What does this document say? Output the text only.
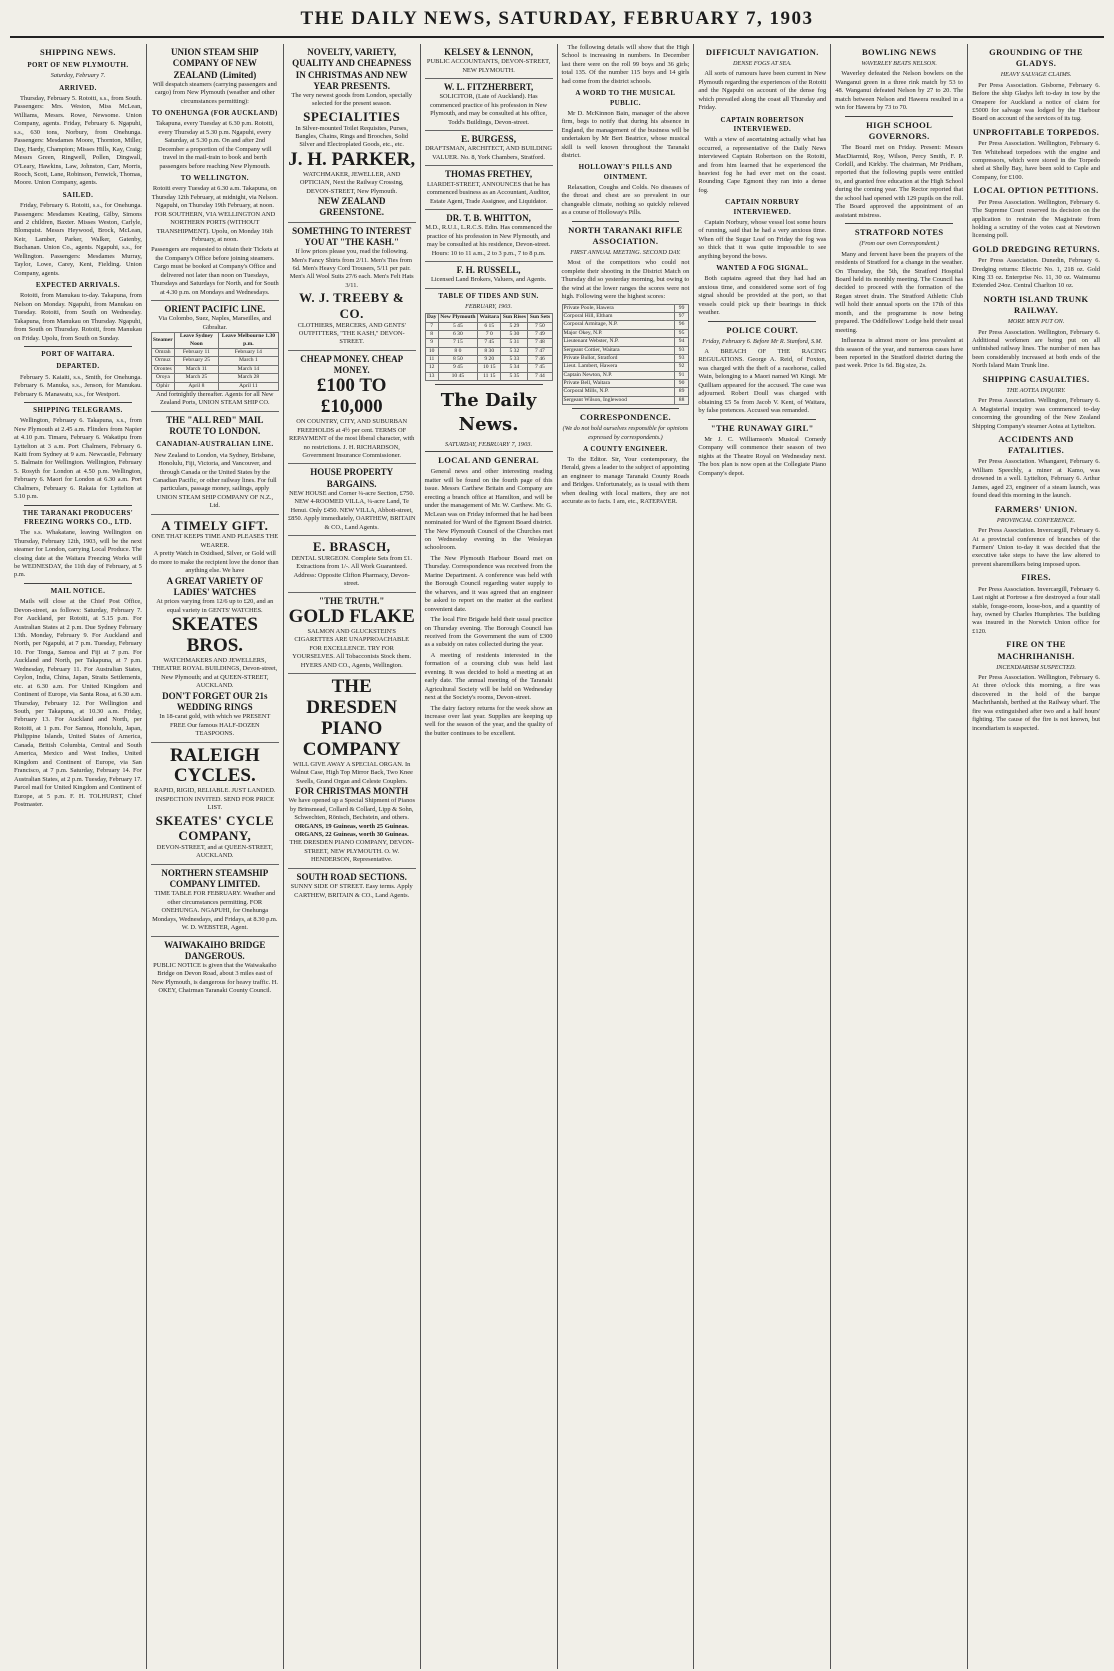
THE DAILY NEWS, SATURDAY, FEBRUARY 7, 1903
SHIPPING NEWS.
PORT OF NEW PLYMOUTH.
Saturday, February 7.
ARRIVED.

Thursday, February 5. Rotoiti, s.s., from South. Passengers: Mrs. Weston, Miss McLean, Williams, Messrs. Rowe, Newsome. Union Company, agents. Friday, February 6. Ngapuhi, s.s., 630 tons, Norbury, from Onehunga. Passengers: Mesdames Moore, Thornton, Miller, Day, Hardy, Champion; Misses Hills, Kay, Craig; Messrs Green, Ringwell, Pollen, Dingwall, O'Leary, Hawkins, Law, Johnston, Carr, Morris, Rooch, Scott, Lane, Robinson, Fenwick, Thomas, Moore. Union Company, agents.

SAILED.

Friday, February 6. Rotoiti, s.s., for Onehunga. Passengers: Mesdames Keating, Gilby, Simons and 2 children, Baxter. Misses Weston, Carlyle, Blomquist. Messrs Heywood, Brock, McLean, Keir, Lamber, Parker, Walker, Gatenby, Buchanan. Union Co., agents. Ngapuhi, s.s., for Wellington. Passengers: Mesdames Murray, Taylor, Lowe, Carey, Kent, Fielding. Union Company, agents.

EXPECTED ARRIVALS.

Rotoiti, from Manukau to-day. Takapuna, from Nelson on Monday. Ngapuhi, from Manukau on Tuesday. Rotoiti, from South on Wednesday. Takapuna, from Manukau on Thursday. Ngapuhi, from South on Thursday. Rotoiti, from Manukau on Friday. Upolu, from South on Sunday.

PORT OF WAITARA.
DEPARTED.

February 5. Kaiaiti, s.s., Smith, for Onehunga. February 6. Manuka, s.s., Jenson, for Manukau. February 6. Manawatu, s.s., for Westport.

SHIPPING TELEGRAMS.

Wellington, February 6. Takapuna, s.s., from New Plymouth at 2.45 a.m. Flinders from Napier at 4.10 p.m. Timaru, February 6. Wakatipu from Lyttelton at 3 a.m. Port Chalmers, February 6. Kaiti from Sydney at 9 a.m. Newcastle, February 5. Balmain for Wellington. Wellington, February 5. Rosyth for London at 4.50 p.m. Wellington, February 6. Maori for London at 6.30 a.m. Port Chalmers, February 6. Rakaia for Lyttelton at 5.10 p.m.

THE TARANAKI PRODUCERS' FREEZING WORKS CO., LTD.

The s.s. Whakatane, leaving Wellington on Thursday, February 12th, 1903, will be the next steamer for London, carrying Local Produce. The closing date at the Waitara Freezing Works will be WEDNESDAY, the 11th day of February, at 5 p.m.

MAIL NOTICE.

Mails will close at the Chief Post Office, Devon-street, as follows: Saturday, February 7. For Auckland, per Rotoiti, at 5.15 p.m. For Australian States at 2 p.m. Due Sydney February 13th. Monday, February 9. For Auckland and North, per Ngapuhi, at 7 p.m. Tuesday, February 10. For Tonga, Samoa and Fiji at 7 p.m. For Auckland and North, per Takapuna, at 7 p.m. Wednesday, February 11. For Australian States, Ceylon, India, China, Japan, Straits Settlements, etc. at 6.30 a.m. For United Kingdom and Continent of Europe, via Santa Rosa, at 6.30 a.m. Thursday, February 12. For Wellington and South, per Takapuna, at 10.30 a.m. Friday, February 13. For Auckland and North, per Rotoiti, at 1 p.m. For Samoa, Honolulu, Japan, Philippine Islands, United States of America, Canada, British Columbia, Central and South America, Mexico and West Indies, United Kingdom and Continent of Europe, via San Francisco, at 7 p.m. Saturday, February 14. For Australian States, at 2 p.m. Tuesday, February 17. Parcel mail for United Kingdom and Continent of Europe, at 5 p.m. F. H. TOLHURST, Chief Postmaster.

UNION STEAM SHIP COMPANY OF NEW ZEALAND (Limited)
Will despatch steamers (carrying passengers and cargo) from New Plymouth (weather and other circumstances permitting):
TO ONEHUNGA (FOR AUCKLAND)
Takapuna, every Tuesday at 6.30 p.m. Rotoiti, every Thursday at 5.30 p.m. Ngapuhi, every Saturday, at 5.30 p.m. On and after 2nd December a proportion of the Company will travel in the mail-train to book and berth passengers before reaching New Plymouth.
TO WELLINGTON.
Rotoiti every Tuesday at 6.30 a.m. Takapuna, on Thursday 12th February, at midnight, via Nelson. Ngapuhi, on Thursday 19th February, at noon. FOR SOUTHERN, VIA WELLINGTON AND NORTHERN PORTS (WITHOUT TRANSHIPMENT). Upolu, on Monday 16th February, at noon.
Passengers are requested to obtain their Tickets at the Company's Office before joining steamers. Cargo must be booked at Company's Office and delivered not later than noon on Tuesdays, Thursdays and Saturdays for North, and for South at 4.30 p.m. on Mondays and Wednesdays.
ORIENT PACIFIC LINE.
Via Colombo, Suez, Naples, Marseilles, and Gibraltar.
Steamer	Leave Sydney Noon	Leave Melbourne 1.30 p.m.
Omrah	February 11	February 14
Ormuz	February 25	March 1
Orontes	March 11	March 14
Oroya	March 25	March 28
Ophir	April 8	April 11
And fortnightly thereafter. Agents for all New Zealand Ports, UNION STEAM SHIP CO.
THE "ALL RED" MAIL ROUTE TO LONDON.
CANADIAN-AUSTRALIAN LINE.
New Zealand to London, via Sydney, Brisbane, Honolulu, Fiji, Victoria, and Vancouver, and through Canada or the United States by the Canadian Pacific, or other railway lines. For full particulars, passage money, sailings, apply UNION STEAM SHIP COMPANY OF N.Z., Ltd.
A TIMELY GIFT.
ONE THAT KEEPS TIME AND PLEASES THE WEARER.
A pretty Watch in Oxidised, Silver, or Gold will do more to make the recipient love the donor than anything else. We have
A GREAT VARIETY OF LADIES' WATCHES
At prices varying from 12/6 up to £20, and an equal variety in GENTS' WATCHES.
SKEATES BROS.
WATCHMAKERS AND JEWELLERS, THEATRE ROYAL BUILDINGS, Devon-street, New Plymouth; and at QUEEN-STREET, AUCKLAND.
DON'T FORGET OUR 21s WEDDING RINGS
In 18-carat gold, with which we PRESENT FREE Our famous HALF-DOZEN TEASPOONS.
RALEIGH CYCLES.
RAPID, RIGID, RELIABLE. JUST LANDED. INSPECTION INVITED. SEND FOR PRICE LIST.
SKEATES' CYCLE COMPANY,
DEVON-STREET, and at QUEEN-STREET, AUCKLAND.
NORTHERN STEAMSHIP COMPANY LIMITED.
TIME TABLE FOR FEBRUARY. Weather and other circumstances permitting. FOR ONEHUNGA. NGAPUHI, for Onehunga Mondays, Wednesdays, and Fridays, at 8.30 p.m. W. D. WEBSTER, Agent.
WAIWAKAIHO BRIDGE DANGEROUS.
PUBLIC NOTICE is given that the Waiwakaiho Bridge on Devon Road, about 3 miles east of New Plymouth, is dangerous for heavy traffic. H. OKEY, Chairman Taranaki County Council.
NOVELTY, VARIETY, QUALITY AND CHEAPNESS IN CHRISTMAS AND NEW YEAR PRESENTS.
The very newest goods from London, specially selected for the present season.
SPECIALITIES
In Silver-mounted Toilet Requisites, Purses, Bangles, Chains, Rings and Brooches, Solid Silver and Electroplated Goods, etc., etc.
J. H. PARKER,
WATCHMAKER, JEWELLER, AND OPTICIAN, Next the Railway Crossing, DEVON-STREET, New Plymouth.
NEW ZEALAND GREENSTONE.
SOMETHING TO INTEREST YOU AT "THE KASH."
If low prices please you, read the following. Men's Fancy Shirts from 2/11. Men's Ties from 6d. Men's Heavy Cord Trousers, 5/11 per pair. Men's All Wool Suits 27/6 each. Men's Felt Hats 3/11.
W. J. TREEBY & CO.
CLOTHIERS, MERCERS, AND GENTS' OUTFITTERS, "THE KASH," DEVON-STREET.
CHEAP MONEY. CHEAP MONEY.
£100 TO £10,000
ON COUNTRY, CITY, AND SUBURBAN FREEHOLDS at 4½ per cent. TERMS OF REPAYMENT of the most liberal character, with no restrictions. J. H. RICHARDSON, Government Insurance Commissioner.
HOUSE PROPERTY BARGAINS.
NEW HOUSE and Corner ¼-acre Section, £750. NEW 4-ROOMED VILLA, ¼-acre Land, Te Henui. Only £450. NEW VILLA, Abbott-street, £850. Apply immediately, OARTHEW, BRITAIN & CO., Land Agents.
E. BRASCH,
DENTAL SURGEON. Complete Sets from £1. Extractions from 1/-. All Work Guaranteed. Address: Opposite Clifton Pharmacy, Devon-street.
"THE TRUTH."
GOLD FLAKE
SALMON AND GLUCKSTEIN'S CIGARETTES ARE UNAPPROACHABLE FOR EXCELLENCE. TRY FOR YOURSELVES. All Tobacconists Stock them. HYERS AND CO., Agents, Wellington.
THE DRESDEN PIANO COMPANY
WILL GIVE AWAY A SPECIAL ORGAN. In Walnut Case, High Top Mirror Back, Two Knee Swells, Grand Organ and Celeste Couplers.
FOR CHRISTMAS MONTH
We have opened up a Special Shipment of Pianos by Brinsmead, Collard & Collard, Lipp & Sohn, Schwechten, Rönisch, Bechstein, and others.
ORGANS, 19 Guineas, worth 25 Guineas. ORGANS, 22 Guineas, worth 30 Guineas.
THE DRESDEN PIANO COMPANY, DEVON-STREET, NEW PLYMOUTH. O. W. HENDERSON, Representative.
SOUTH ROAD SECTIONS.
SUNNY SIDE OF STREET. Easy terms. Apply CARTHEW, BRITAIN & CO., Land Agents.
KELSEY & LENNON,
PUBLIC ACCOUNTANTS, DEVON-STREET, NEW PLYMOUTH.
W. L. FITZHERBERT,
SOLICITOR, (Late of Auckland). Has commenced practice of his profession in New Plymouth, and may be consulted at his office, Todd's Buildings, Devon-street.
E. BURGESS,
DRAFTSMAN, ARCHITECT, AND BUILDING VALUER. No. 8, York Chambers, Stratford.
THOMAS FRETHEY,
LIARDET-STREET, ANNOUNCES that he has commenced business as an Accountant, Auditor, Estate Agent, Trade Assignee, and Liquidator.
DR. T. B. WHITTON,
M.D., R.U.I., L.R.C.S. Edin. Has commenced the practice of his profession in New Plymouth, and may be consulted at his residence, Devon-street. Hours: 10 to 11 a.m., 2 to 3 p.m., 7 to 8 p.m.
F. H. RUSSELL,
Licensed Land Brokers, Valuers, and Agents.
TABLE OF TIDES AND SUN.
FEBRUARY, 1903.
Day	New Plymouth	Waitara	Sun Rises	Sun Sets
7	5 45	6 15	5 29	7 50
8	6 30	7 0	5 30	7 49
9	7 15	7 45	5 31	7 48
10	8 0	8 30	5 32	7 47
11	8 50	9 20	5 33	7 46
12	9 45	10 15	5 34	7 45
13	10 45	11 15	5 35	7 44
The Daily News.
SATURDAY, FEBRUARY 7, 1903.
LOCAL AND GENERAL

General news and other interesting reading matter will be found on the fourth page of this issue. Messrs Carthew Britain and Company are erecting a branch office at Hamilton, and will be under the management of Mr. W. Carthew. Mr. G. McLean was on Friday informed that he had been nominated for Ward of the Egmont Board district. The New Plymouth Council of the Churches met on Wednesday evening in the Wesleyan schoolroom.

The New Plymouth Harbour Board met on Thursday. Correspondence was received from the Marine Department. A conference was held with the Borough Council regarding water supply to the wharves, and it was agreed that an engineer be asked to report on the matter at the earliest convenient date.

The local Fire Brigade held their usual practice on Thursday evening. The Borough Council has received from the Government the sum of £300 as a subsidy on rates collected during the year.

A meeting of residents interested in the formation of a coursing club was held last evening. It was decided to hold a meeting at an early date. The annual meeting of the Taranaki Agricultural Society will be held on Wednesday next at the Society's rooms, Devon-street.

The dairy factory returns for the week show an increase over last year. Supplies are keeping up well for the season of the year, and the quality of the butter continues to be excellent.

The following details will show that the High School is increasing in numbers. In December last there were on the roll 99 boys and 36 girls; total 135. Of the number 115 boys and 14 girls had come from the district schools.

A WORD TO THE MUSICAL PUBLIC.

Mr D. McKinnon Bain, manager of the above firm, begs to notify that during his absence in England, the management of the business will be undertaken by Mr Bert Beatrice, whose musical skill is well known throughout the Taranaki district.

HOLLOWAY'S PILLS AND OINTMENT.

Relaxation, Coughs and Colds. No diseases of the throat and chest are so prevalent in our changeable climate, nothing so quickly relieved as a course of Holloway's Pills.

NORTH TARANAKI RIFLE ASSOCIATION.
FIRST ANNUAL MEETING. SECOND DAY.

Most of the competitors who could not complete their shooting in the District Match on Thursday did so yesterday morning, but owing to the wind at the lower ranges the scores were not high. Following were the highest scores:

Private Poole, Hawera	99
Corporal Hill, Eltham	97
Corporal Armitage, N.P.	96
Major Okey, N.P.	95
Lieutenant Webster, N.P.	94
Sergeant Cottier, Waitara	93
Private Bullot, Stratford	93
Lieut. Lambert, Hawera	92
Captain Newton, N.P.	91
Private Bell, Waitara	90
Corporal Mills, N.P.	89
Sergeant Wilson, Inglewood	88
CORRESPONDENCE.
(We do not hold ourselves responsible for opinions expressed by correspondents.)
A COUNTY ENGINEER.

To the Editor. Sir, Your contemporary, the Herald, gives a leader to the subject of appointing an engineer to manage Taranaki County Roads and Bridges. Unfortunately, as is usual with them when dealing with local matters, they are not accurate as to facts. I am, etc., RATEPAYER.

DIFFICULT NAVIGATION.
DENSE FOGS AT SEA.

All sorts of rumours have been current in New Plymouth regarding the experiences of the Rotoiti and the Ngapuhi on account of the dense fog which prevailed along the coast all Thursday and Friday.

CAPTAIN ROBERTSON INTERVIEWED.

With a view of ascertaining actually what has occurred, a representative of the Daily News interviewed Captain Robertson on the Rotoiti, and from him learned that he experienced the heaviest fog he had ever met on the coast. Rounding Cape Egmont they ran into a dense fog.

CAPTAIN NORBURY INTERVIEWED.

Captain Norbury, whose vessel lost some hours of running, said that he had a very anxious time. When off the Sugar Loaf on Friday the fog was so thick that it was quite impossible to see anything beyond the bows.

WANTED A FOG SIGNAL.

Both captains agreed that they had had an anxious time, and considered some sort of fog signal should be provided at the port, so that vessels could pick up their bearings in thick weather.

POLICE COURT.
Friday, February 6. Before Mr R. Stanford, S.M.

A BREACH OF THE RACING REGULATIONS. George A. Reid, of Foxton, was charged with the theft of a racehorse, called Wain, belonging to a Maori named Wi Kingi. Mr Quilliam appeared for the accused. The case was adjourned. Robert Doull was charged with obtaining £5 5s from Jacob V. Kent, of Waitara, by false pretences. Accused was remanded.

"THE RUNAWAY GIRL"

Mr J. C. Williamson's Musical Comedy Company will commence their season of two nights at the Theatre Royal on Wednesday next. The box plan is now open at the Collegiate Piano Company's depot.

BOWLING NEWS
WAVERLEY BEATS NELSON.

Waverley defeated the Nelson bowlers on the Wanganui green in a three rink match by 53 to 48. Wanganui defeated Nelson by 27 to 20. The match between Nelson and Hawera resulted in a win for Hawera by 73 to 70.

HIGH SCHOOL GOVERNORS.

The Board met on Friday. Present: Messrs MacDiarmid, Roy, Wilson, Percy Smith, F. P. Corkill, and Kirkby. The chairman, Mr Pridham, reported that the following pupils were entitled to, and granted free education at the High School during the coming year. The Rector reported that the school had opened with 129 pupils on the roll. The Board approved the appointment of an assistant mistress.

STRATFORD NOTES
(From our own Correspondent.)

Many and fervent have been the prayers of the residents of Stratford for a change in the weather. On Thursday, the 5th, the Stratford Hospital Board held its monthly meeting. The Council has decided to proceed with the formation of the Regan street drain. The Stratford Athletic Club will hold their annual sports on the 17th of this month, and the programme is now being prepared. The Oddfellows' Lodge held their usual meeting.

Influenza is almost more or less prevalent at this season of the year, and numerous cases have been reported in the Stratford district during the past week. Price 1s 6d. Big size, 2s.

GROUNDING OF THE GLADYS.
HEAVY SALVAGE CLAIMS.

Per Press Association. Gisborne, February 6. Before the ship Gladys left to-day in tow by the Omapere for Auckland a notice of claim for £5000 for salvage was lodged by the Harbour Board on account of the services of its tug.

UNPROFITABLE TORPEDOS.

Per Press Association. Wellington, February 6. Ten Whitehead torpedoes with the engine and compressors, which were stored in the Torpedo shed at Shelly Bay, have been sold to Caple and Company, for £100.

LOCAL OPTION PETITIONS.

Per Press Association. Wellington, February 6. The Supreme Court reserved its decision on the application to restrain the Magistrate from holding a scrutiny of the votes cast at Newtown licensing poll.

GOLD DREDGING RETURNS.

Per Press Association. Dunedin, February 6. Dredging returns: Electric No. 1, 218 oz. Gold King 33 oz. Enterprise No. 11, 30 oz. Waimumu Extended 24oz. Central Charlton 10 oz.

NORTH ISLAND TRUNK RAILWAY.
MORE MEN PUT ON.

Per Press Association. Wellington, February 6. Additional workmen are being put on all unfinished railway lines. The number of men has been considerably increased at both ends of the North Island Main Trunk line.

SHIPPING CASUALTIES.
THE AOTEA INQUIRY.

Per Press Association. Wellington, February 6. A Magisterial inquiry was commenced to-day concerning the grounding of the New Zealand Shipping Company's steamer Aotea at Lyttelton.

ACCIDENTS AND FATALITIES.

Per Press Association. Whangarei, February 6. William Speechly, a miner at Kamo, was drowned in a well. Lyttelton, February 6. Arthur James, aged 23, engineer of a steam launch, was found dead this morning in the launch.

FARMERS' UNION.
PROVINCIAL CONFERENCE.

Per Press Association. Invercargill, February 6. At a provincial conference of branches of the Farmers' Union to-day it was decided that the executive take steps to have the law altered to prevent sharemilkers being imposed upon.

FIRES.

Per Press Association. Invercargill, February 6. Last night at Fortrose a fire destroyed a four stall stable, forage-room, loose-box, and a quantity of hay, owned by Charles Humphries. The building was insured in the Norwich Union office for £120.

FIRE ON THE MACHRIHANISH.
INCENDIARISM SUSPECTED.

Per Press Association. Wellington, February 6. At three o'clock this morning, a fire was discovered in the hold of the barque Machrihanish, berthed at the Railway wharf. The fire was extinguished after two and a half hours' fighting. The cause of the fire is not known, but incendiarism is suspected.
